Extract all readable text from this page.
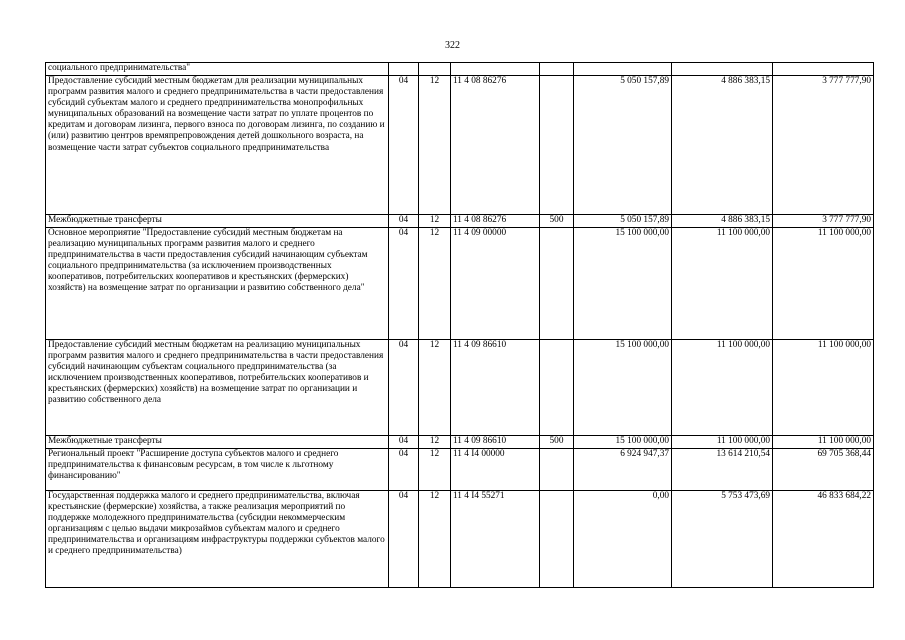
322
социального предпринимательства"							
Предоставление субсидий местным бюджетам для реализации муниципальных программ развития малого и среднего предпринимательства в части предоставления субсидий субъектам малого и среднего предпринимательства монопрофильных муниципальных образований на возмещение части затрат по уплате процентов по кредитам и договорам лизинга, первого взноса по договорам лизинга, по созданию и (или) развитию центров времяпрепровождения детей дошкольного возраста, на возмещение части затрат субъектов социального предпринимательства	04	12	11 4 08 86276		5 050 157,89	4 886 383,15	3 777 777,90
Межбюджетные трансферты	04	12	11 4 08 86276	500	5 050 157,89	4 886 383,15	3 777 777,90
Основное мероприятие "Предоставление субсидий местным бюджетам на реализацию муниципальных программ развития малого и среднего предпринимательства в части предоставления субсидий начинающим субъектам социального предпринимательства (за исключением производственных кооперативов, потребительских кооперативов и крестьянских (фермерских) хозяйств) на возмещение затрат по организации и развитию собственного дела"	04	12	11 4 09 00000		15 100 000,00	11 100 000,00	11 100 000,00
Предоставление субсидий местным бюджетам на реализацию муниципальных программ развития малого и среднего предпринимательства в части предоставления субсидий начинающим субъектам социального предпринимательства (за исключением производственных кооперативов, потребительских кооперативов и крестьянских (фермерских) хозяйств) на возмещение затрат по организации и развитию собственного дела	04	12	11 4 09 86610		15 100 000,00	11 100 000,00	11 100 000,00
Межбюджетные трансферты	04	12	11 4 09 86610	500	15 100 000,00	11 100 000,00	11 100 000,00
Региональный проект "Расширение доступа субъектов малого и среднего предпринимательства к финансовым ресурсам, в том числе к льготному финансированию"	04	12	11 4 I4 00000		6 924 947,37	13 614 210,54	69 705 368,44
Государственная поддержка малого и среднего предпринимательства, включая крестьянские (фермерские) хозяйства, а также реализация мероприятий по поддержке молодежного предпринимательства (субсидии некоммерческим организациям с целью выдачи микрозаймов субъектам малого и среднего предпринимательства и организациям инфраструктуры поддержки субъектов малого и среднего предпринимательства)	04	12	11 4 I4 55271		0,00	5 753 473,69	46 833 684,22
